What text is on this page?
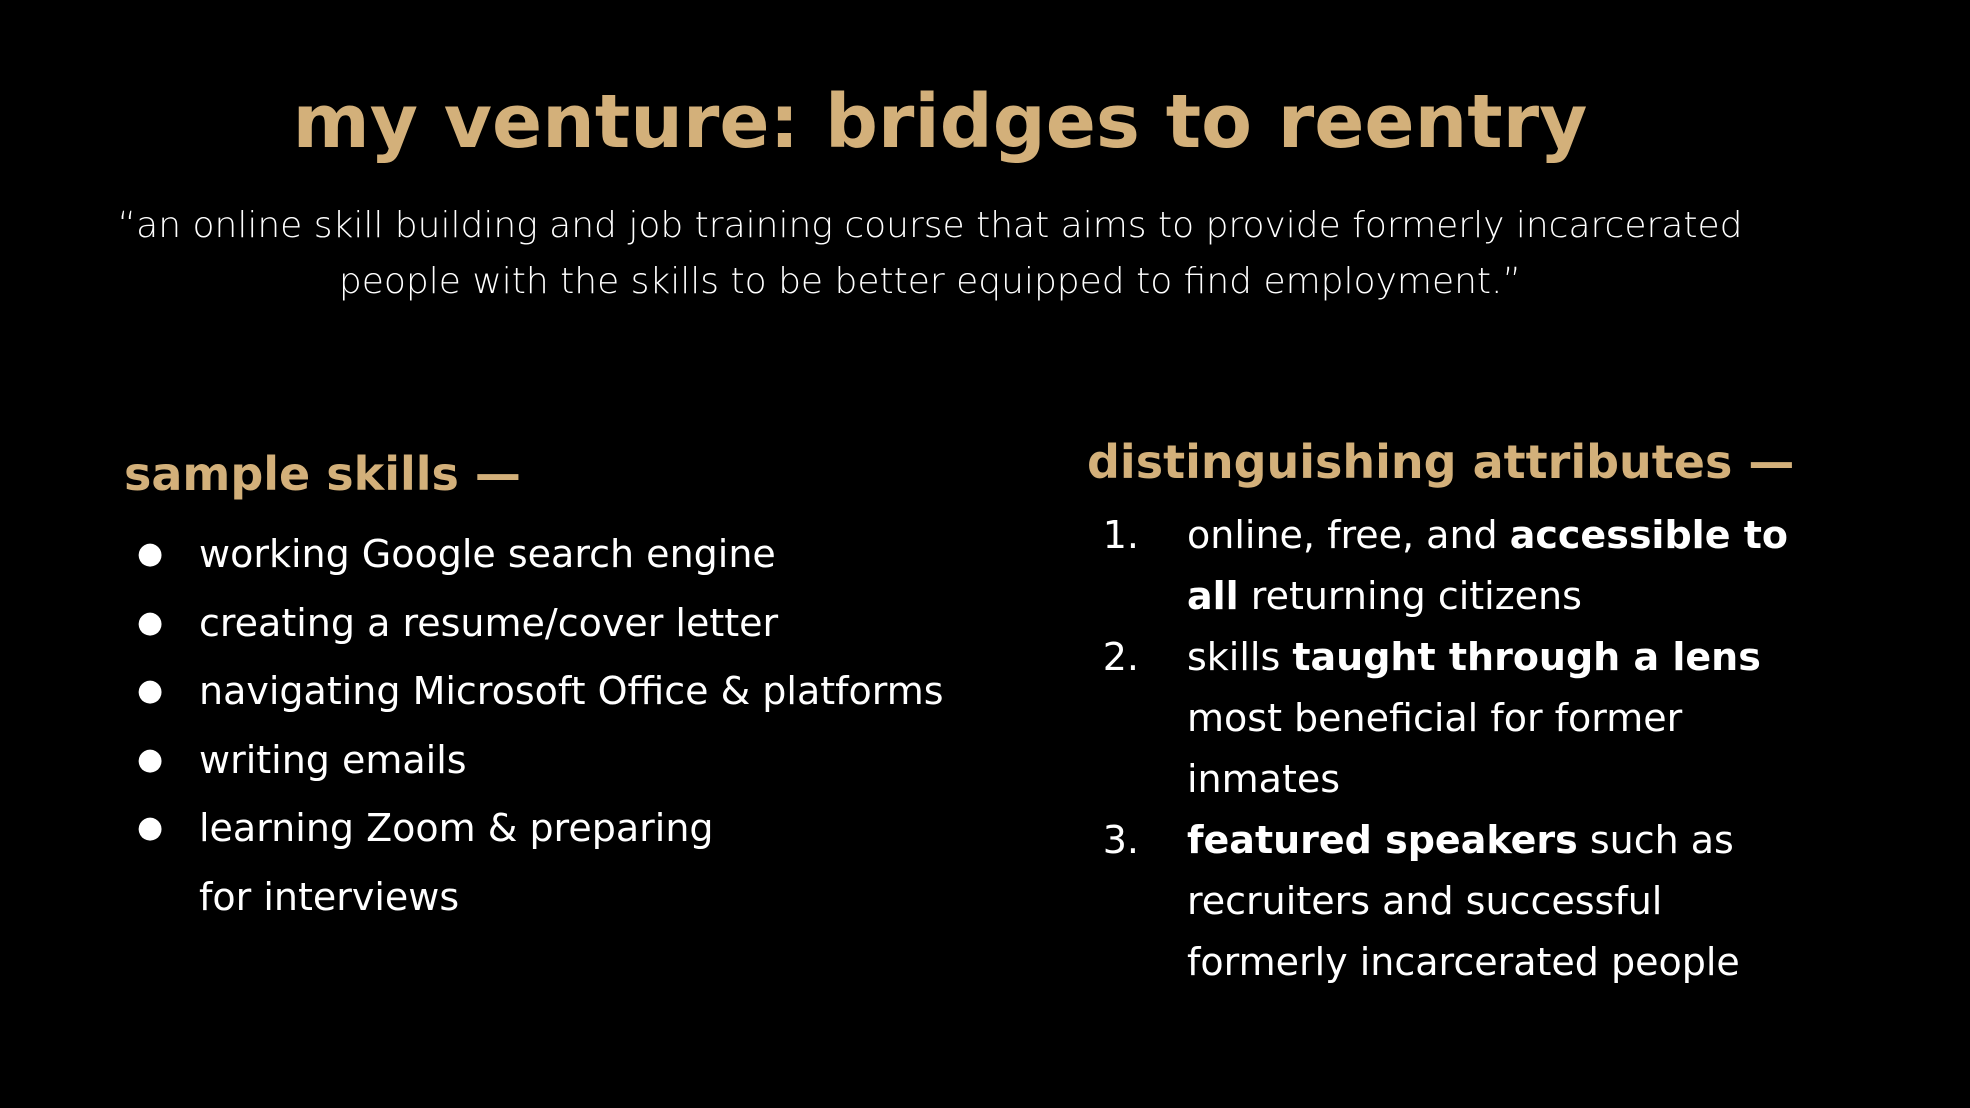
my venture: bridges to reentry

“an online skill building and job training course that aims to provide formerly incarcerated
people with the skills to be better equipped to find employment.”

sample skills —
● working Google search engine
● creating a resume/cover letter
● navigating Microsoft Office & platforms
● writing emails
● learning Zoom & preparing
for interviews
distinguishing attributes —
1. online, free, and accessible to
all returning citizens
2. skills taught through a lens
most beneficial for former
inmates
3. featured speakers such as
recruiters and successful
formerly incarcerated people
